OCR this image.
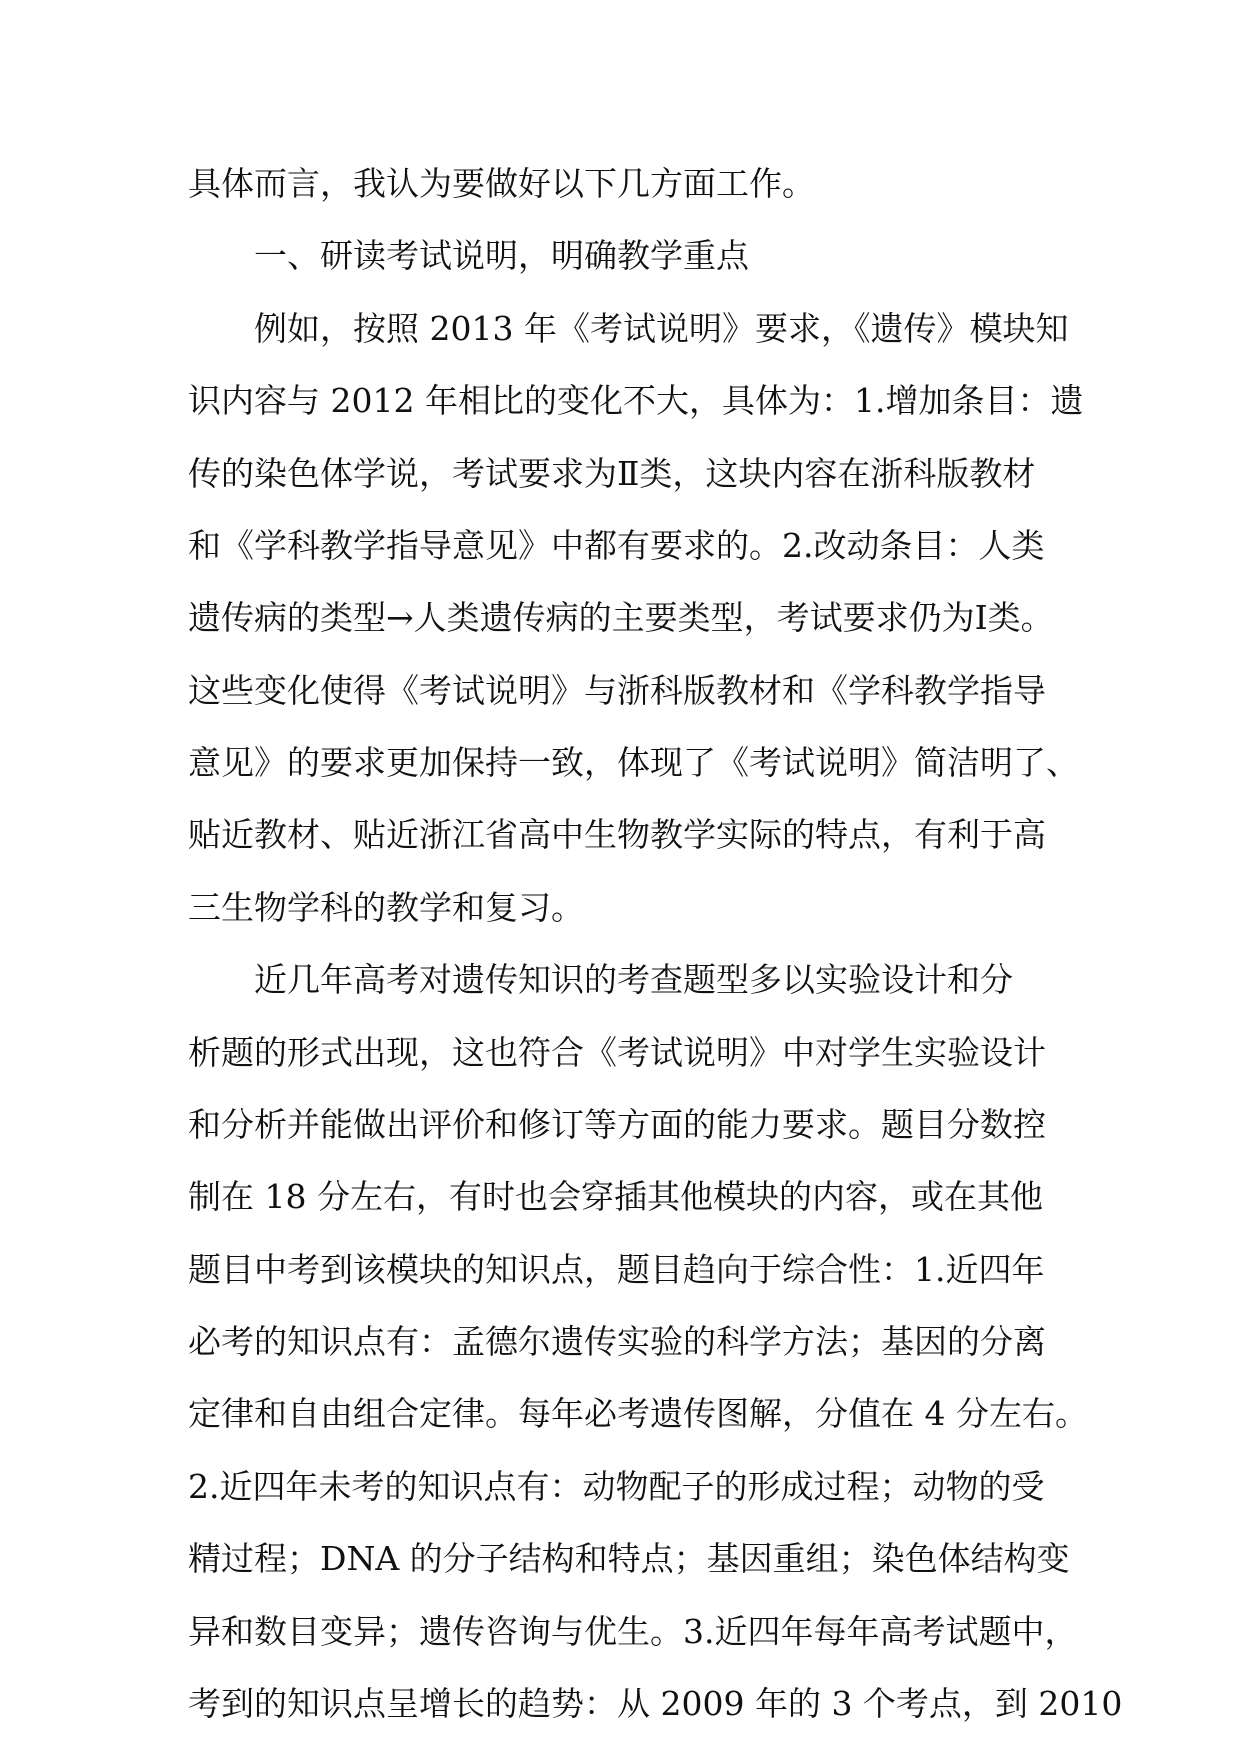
具体而言，我认为要做好以下几方面工作。
一、研读考试说明，明确教学重点
例如，按照 2013 年《考试说明》要求，《遗传》模块知
识内容与 2012 年相比的变化不大，具体为：1.增加条目：遗
传的染色体学说，考试要求为Ⅱ类，这块内容在浙科版教材
和《学科教学指导意见》中都有要求的。2.改动条目：人类
遗传病的类型→人类遗传病的主要类型，考试要求仍为Ⅰ类。
这些变化使得《考试说明》与浙科版教材和《学科教学指导
意见》的要求更加保持一致，体现了《考试说明》简洁明了、
贴近教材、贴近浙江省高中生物教学实际的特点，有利于高
三生物学科的教学和复习。
近几年高考对遗传知识的考查题型多以实验设计和分
析题的形式出现，这也符合《考试说明》中对学生实验设计
和分析并能做出评价和修订等方面的能力要求。题目分数控
制在 18 分左右，有时也会穿插其他模块的内容，或在其他
题目中考到该模块的知识点，题目趋向于综合性：1.近四年
必考的知识点有：孟德尔遗传实验的科学方法；基因的分离
定律和自由组合定律。每年必考遗传图解，分值在 4 分左右。
2.近四年未考的知识点有：动物配子的形成过程；动物的受
精过程；DNA 的分子结构和特点；基因重组；染色体结构变
异和数目变异；遗传咨询与优生。3.近四年每年高考试题中，
考到的知识点呈增长的趋势：从 2009 年的 3 个考点，到 2010
